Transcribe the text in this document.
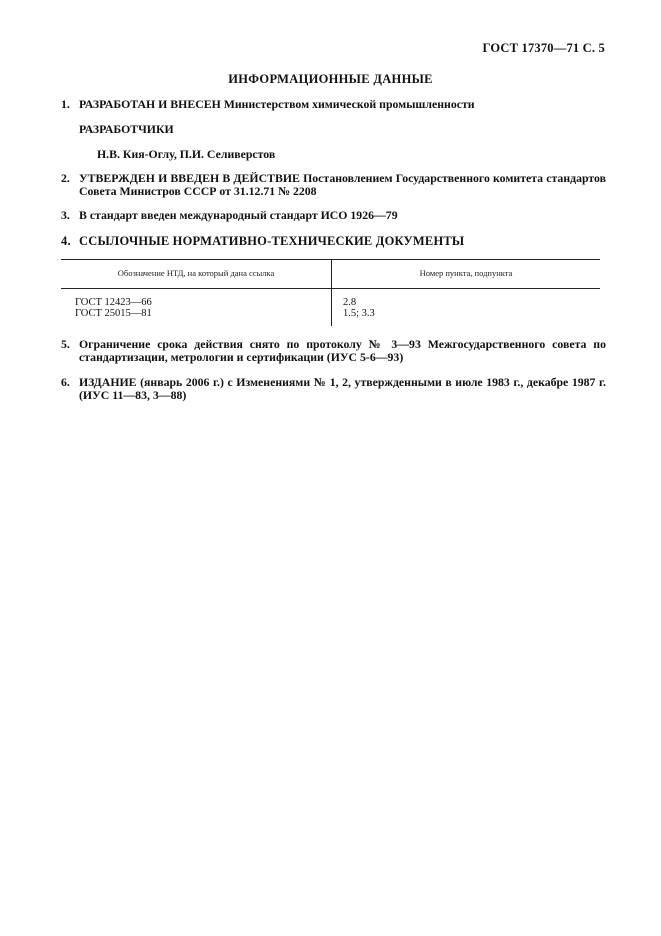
ГОСТ 17370—71 С. 5
ИНФОРМАЦИОННЫЕ ДАННЫЕ
1. РАЗРАБОТАН И ВНЕСЕН Министерством химической промышленности
РАЗРАБОТЧИКИ
Н.В. Кия-Оглу, П.И. Селиверстов
2. УТВЕРЖДЕН И ВВЕДЕН В ДЕЙСТВИЕ Постановлением Государственного комитета стандартов Совета Министров СССР от 31.12.71 № 2208
3. В стандарт введен международный стандарт ИСО 1926—79
4. ССЫЛОЧНЫЕ НОРМАТИВНО-ТЕХНИЧЕСКИЕ ДОКУМЕНТЫ
Обозначение НТД, на который дана ссылка	Номер пункта, подпункта
ГОСТ 12423—66	2.8
ГОСТ 25015—81	1.5; 3.3
5. Ограничение срока действия снято по протоколу № 3—93 Межгосударственного совета по стандартизации, метрологии и сертификации (ИУС 5-6—93)
6. ИЗДАНИЕ (январь 2006 г.) с Изменениями № 1, 2, утвержденными в июле 1983 г., декабре 1987 г. (ИУС 11—83, 3—88)
